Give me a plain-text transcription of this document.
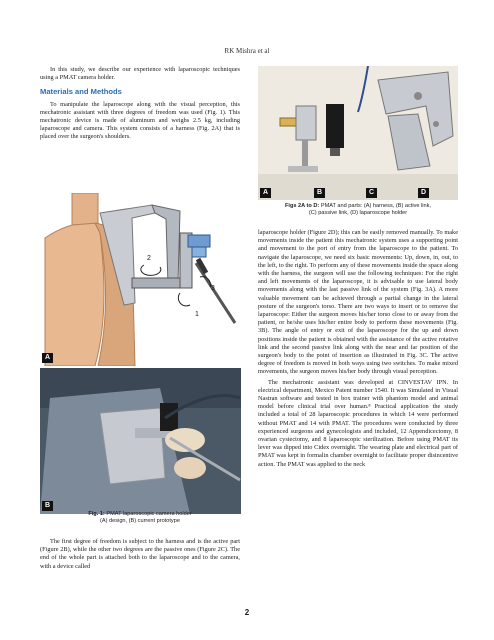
RK Mishra et al

In this study, we describe our experience with laparoscopic techniques using a PMAT camera holder.

Materials and Methods

To manipulate the laparoscope along with the visual perception, this mechatronic assistant with three degrees of freedom was used (Fig. 1). This mechatronic device is made of aluminum and weighs 2.5 kg, including laparoscope and camera. This system consists of a harness (Fig. 2A) that is placed over the surgeon's shoulders.

2
3
1
A
B
Fig. 1: PMAT laparoscopic camera holder
(A) design, (B) current prototype

The first degree of freedom is subject to the harness and is the active part (Figure 2B), while the other two degrees are the passive ones (Figure 2C). The end of the whole part is attached both to the laparoscope and to the camera, with a device called

A	B	C	D
Figs 2A to D: PMAT and parts: (A) harness, (B) active link,
(C) passive link, (D) laparoscope holder

laparoscope holder (Figure 2D); this can be easily removed manually. To make movements inside the patient this mechatronic system uses a supporting point and movement to the port of entry from the laparoscope to the patient. To navigate the laparoscope, we need six basic movements: Up, down, in, out, to the left, to the right. To perform any of these movements inside the space along with the harness, the surgeon will use the following techniques: For the right and left movements of the laparoscope, it is advisable to use lateral body movements along with the last passive link of the system (Fig. 3A). A more valuable movement can be achieved through a partial change in the lateral posture of the surgeon's torso. There are two ways to insert or to remove the laparoscope: Either the surgeon moves his/her torso close to or away from the patient, or he/she uses his/her entire body to perform these movements (Fig. 3B). The angle of entry or exit of the laparoscope for the up and down positions inside the patient is obtained with the assistance of the active rotative link and the second passive link along with the near and far position of the surgeon's body to the point of insertion as illustrated in Fig. 3C. The active degree of freedom is moved in both ways using two switches. To make mixed movements, the surgeon moves his/her body through visual perception.

The mechatronic assistant was developed at CINVESTAV IPN. In electrical department, Mexico Patent number 1540. It was Simulated in Visual Nastran software and tested in box trainer with phantom model and animal model before clinical trial over human.⁸ Practical application the study included a total of 28 laparoscopic procedures in which 14 were performed without PMAT and 14 with PMAT. The procedures were conducted by three experienced surgeons and gynecologists and included, 12 Appendicectomy, 8 ovarian cystectomy, and 8 laparoscopic sterilization. Before using PMAT its lever was dipped into Cidex overnight. The wearing plate and electrical part of PMAT was kept in formalin chamber overnight to facilitate proper disincentive action. The PMAT was applied to the neck

2
